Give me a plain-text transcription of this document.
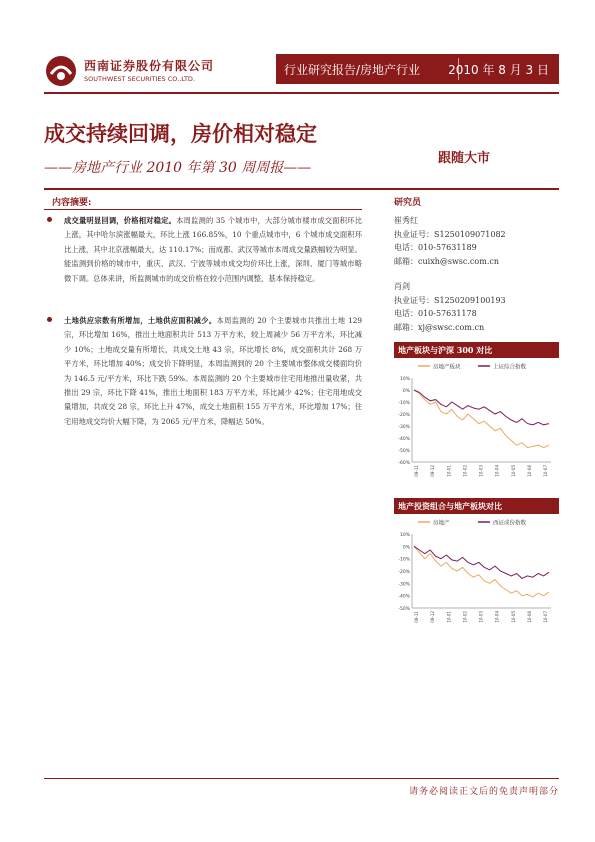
西南证券股份有限公司
SOUTHWEST SECURITIES CO.,LTD.
行业研究报告/房地产行业 2010 年 8 月 3 日
成交持续回调，房价相对稳定
——房地产行业 2010 年第 30 周周报——
跟随大市
内容摘要:
成交量明显回调，价格相对稳定。本周监测的 35 个城市中，大部分城市楼市成交面积环比上涨，其中哈尔滨涨幅最大，环比上涨 166.85%，10 个重点城市中，6 个城市成交面积环比上涨，其中北京涨幅最大，达 110.17%；而成都、武汉等城市本周成交量跌幅较为明显。能监测到价格的城市中，重庆、武汉、宁波等城市成交均价环比上涨，深圳、厦门等城市略微下调。总体来讲，所监测城市的成交价格在较小范围内调整，基本保持稳定。
土地供应宗数有所增加，土地供应面积减少。本周监测的 20 个主要城市共推出土地 129 宗，环比增加 16%，推出土地面积共计 513 万平方米，较上周减少 56 万平方米，环比减少 10%；土地成交量有所增长，共成交土地 43 宗，环比增长 8%，成交面积共计 268 万平方米，环比增加 40%；成交价下降明显，本周监测到的 20 个主要城市整体成交楼面均价为 146.5 元/平方米，环比下跌 59%。本周监测的 20 个主要城市住宅用地推出量收紧，共推出 29 宗，环比下降 41%，推出土地面积 183 万平方米，环比减少 42%；住宅用地成交量增加，共成交 28 宗，环比上升 47%，成交土地面积 155 万平方米，环比增加 17%；住宅用地成交均价大幅下降，为 2065 元/平方米，降幅达 50%。
研究员
崔秀红
执业证号：S1250109071082
电话：010-57631189
邮箱：cuixh@swsc.com.cn
肖剑
执业证号：S1250209100193
电话：010-57631178
邮箱：xj@swsc.com.cn
地产板块与沪深 300 对比
房地产板块	上证综合指数
10%
0%
-10%
-20%
-30%
-40%
-50%
-60%
09-11	09-12	10-01	10-02	10-03	10-04	10-05	10-06	10-07
地产投资组合与地产板块对比
房地产	西证成份指数
10%
0%
-10%
-20%
-30%
-40%
-50%
09-11	09-12	10-01	10-02	10-03	10-04	10-05	10-06	10-07
请务必阅读正文后的免责声明部分
